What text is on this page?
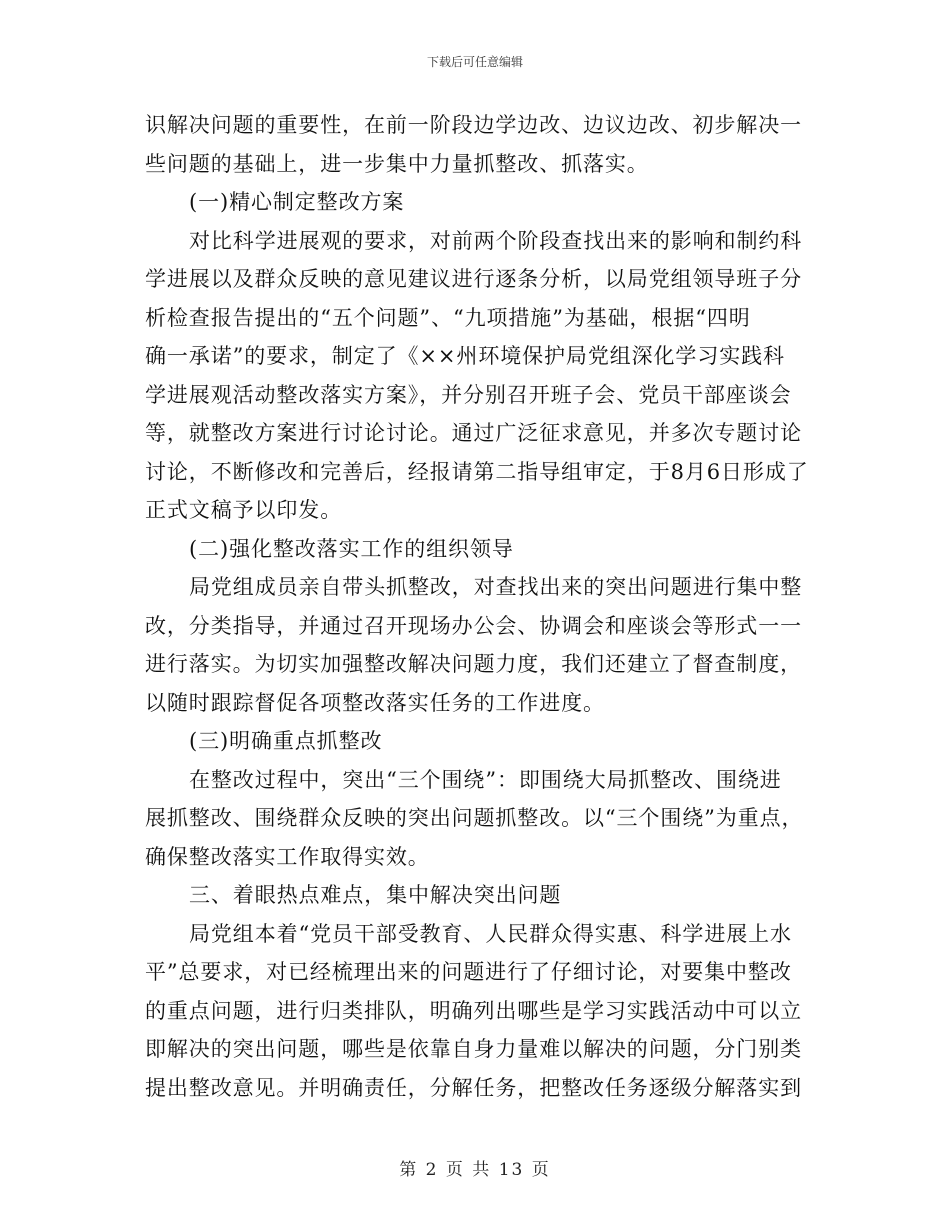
下载后可任意编辑
识解决问题的重要性，在前一阶段边学边改、边议边改、初步解决一
些问题的基础上，进一步集中力量抓整改、抓落实。
(一)精心制定整改方案
对比科学进展观的要求，对前两个阶段查找出来的影响和制约科
学进展以及群众反映的意见建议进行逐条分析，以局党组领导班子分
析检查报告提出的“五个问题”、“九项措施”为基础，根据“四明
确一承诺”的要求，制定了《××州环境保护局党组深化学习实践科
学进展观活动整改落实方案》，并分别召开班子会、党员干部座谈会
等，就整改方案进行讨论讨论。通过广泛征求意见，并多次专题讨论
讨论，不断修改和完善后，经报请第二指导组审定，于8月6日形成了
正式文稿予以印发。
(二)强化整改落实工作的组织领导
局党组成员亲自带头抓整改，对查找出来的突出问题进行集中整
改，分类指导，并通过召开现场办公会、协调会和座谈会等形式一一
进行落实。为切实加强整改解决问题力度，我们还建立了督查制度，
以随时跟踪督促各项整改落实任务的工作进度。
(三)明确重点抓整改
在整改过程中，突出“三个围绕”：即围绕大局抓整改、围绕进
展抓整改、围绕群众反映的突出问题抓整改。以“三个围绕”为重点，
确保整改落实工作取得实效。
三、着眼热点难点，集中解决突出问题
局党组本着“党员干部受教育、人民群众得实惠、科学进展上水
平”总要求，对已经梳理出来的问题进行了仔细讨论，对要集中整改
的重点问题，进行归类排队，明确列出哪些是学习实践活动中可以立
即解决的突出问题，哪些是依靠自身力量难以解决的问题，分门别类
提出整改意见。并明确责任，分解任务，把整改任务逐级分解落实到
第 2 页 共 13 页
